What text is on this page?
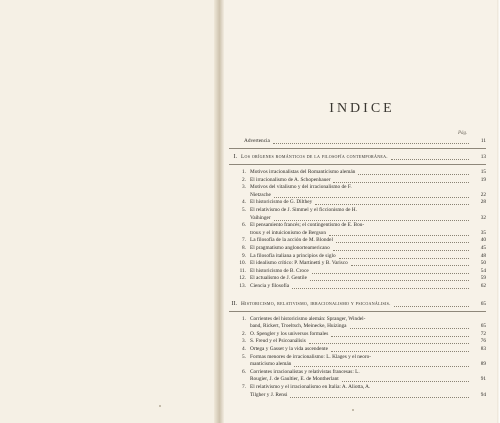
INDICE
Pág.
Advertencia	11
I. Los orígenes románticos de la filosofía contemporánea.	13
1. Motivos irracionalistas del Romanticismo alemán	15
2. El irracionalismo de A. Schopenhauer	19
3. Motivos del vitalismo y del irracionalismo de F.
Nietzsche	22
4. El historicismo de G. Dilthey	28
5. El relativismo de J. Simmel y el ficcionismo de H.
Vaihinger	32
6. El pensamiento francés; el contingentismo de E. Bou-
troux y el intuicionismo de Bergson	35
7. La filosofía de la acción de M. Blondel	40
8. El pragmatismo anglonorteamericano	45
9. La filosofía italiana a principios de siglo	48
10. El idealismo crítico: P. Martinetti y B. Varisco	50
11. El historicismo de B. Croce	54
12. El actualismo de J. Gentile	59
13. Ciencia y filosofía	62
II. Historicismo, relativismo, irracionalismo y psicoanálisis.	65
1. Corrientes del historicismo alemán: Spranger, Windel-
band, Rickert, Troeltsch, Meinecke, Huizinga	65
2. O. Spengler y los universos formales	72
3. S. Freud y el Psicoanálisis	76
4. Ortega y Gasset y la vida ascendente	83
5. Formas menores de irracionalismo: L. Klages y el neoro-
manticismo alemán	89
6. Corrientes irracionalistas y relativistas francesas: L.
Rougier, J. de Gaultier, E. de Montherlant	91
7. El relativismo y el irracionalismo en Italia: A. Aliotta, A.
Tilgher y J. Rensi	94
